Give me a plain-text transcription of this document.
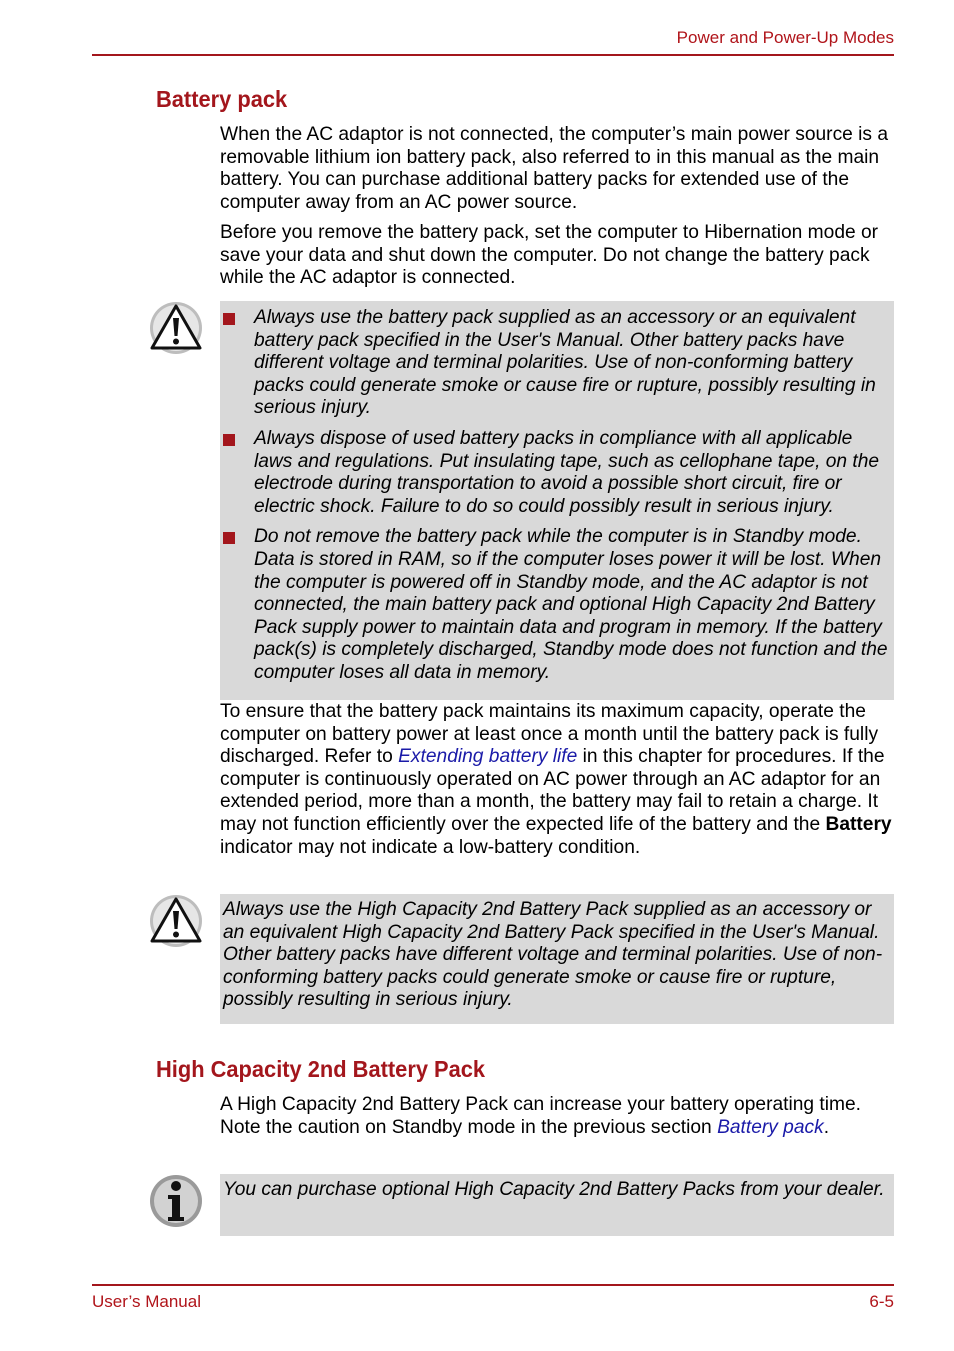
Power and Power-Up Modes
Battery pack
When the AC adaptor is not connected, the computer’s main power source is a removable lithium ion battery pack, also referred to in this manual as the main battery. You can purchase additional battery packs for extended use of the computer away from an AC power source.
Before you remove the battery pack, set the computer to Hibernation mode or save your data and shut down the computer. Do not change the battery pack while the AC adaptor is connected.
Always use the battery pack supplied as an accessory or an equivalent battery pack specified in the User's Manual. Other battery packs have different voltage and terminal polarities. Use of non-conforming battery packs could generate smoke or cause fire or rupture, possibly resulting in serious injury.
Always dispose of used battery packs in compliance with all applicable laws and regulations. Put insulating tape, such as cellophane tape, on the electrode during transportation to avoid a possible short circuit, fire or electric shock. Failure to do so could possibly result in serious injury.
Do not remove the battery pack while the computer is in Standby mode. Data is stored in RAM, so if the computer loses power it will be lost. When the computer is powered off in Standby mode, and the AC adaptor is not connected, the main battery pack and optional High Capacity 2nd Battery Pack supply power to maintain data and program in memory. If the battery pack(s) is completely discharged, Standby mode does not function and the computer loses all data in memory.
To ensure that the battery pack maintains its maximum capacity, operate the computer on battery power at least once a month until the battery pack is fully discharged. Refer to Extending battery life in this chapter for procedures. If the computer is continuously operated on AC power through an AC adaptor for an extended period, more than a month, the battery may fail to retain a charge. It may not function efficiently over the expected life of the battery and the Battery indicator may not indicate a low-battery condition.
Always use the High Capacity 2nd Battery Pack supplied as an accessory or an equivalent High Capacity 2nd Battery Pack specified in the User's Manual. Other battery packs have different voltage and terminal polarities. Use of non-conforming battery packs could generate smoke or cause fire or rupture, possibly resulting in serious injury.
High Capacity 2nd Battery Pack
A High Capacity 2nd Battery Pack can increase your battery operating time. Note the caution on Standby mode in the previous section Battery pack.
You can purchase optional High Capacity 2nd Battery Packs from your dealer.
User’s Manual	6-5
